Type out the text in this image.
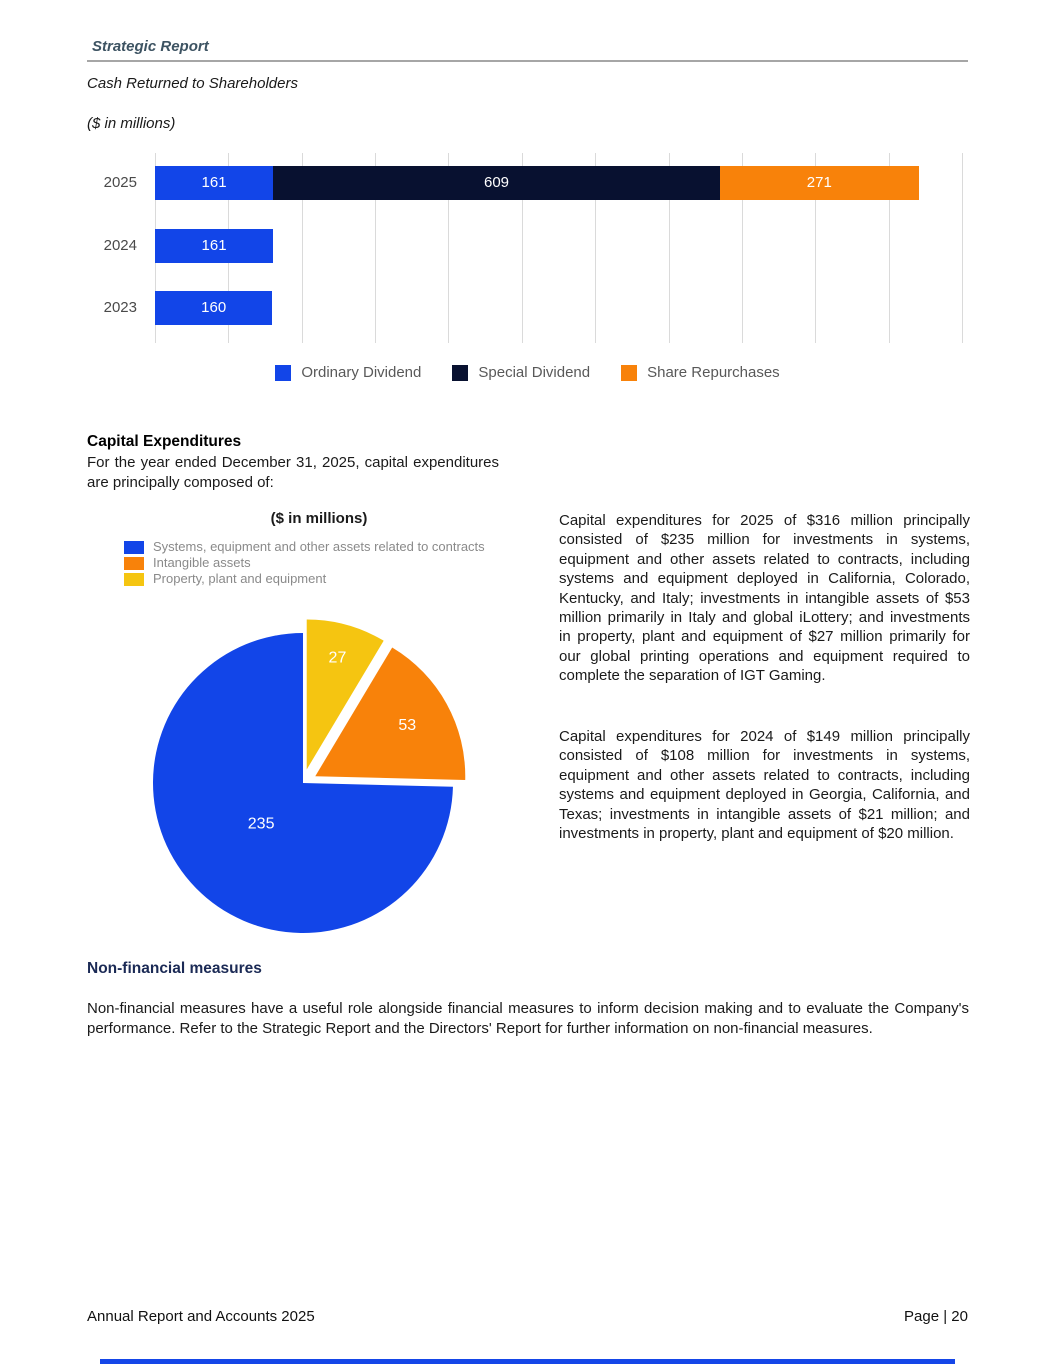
Strategic Report
Cash Returned to Shareholders
($ in millions)
2025	161	609	271
2024	161
2023	160
Ordinary Dividend	Special Dividend	Share Repurchases
Capital Expenditures
For the year ended December 31, 2025, capital expenditures are principally composed of:
($ in millions)
Systems, equipment and other assets related to contracts
Intangible assets
Property, plant and equipment
27
53
235
Capital expenditures for 2025 of $316 million principally consisted of $235 million for investments in systems, equipment and other assets related to contracts, including systems and equipment deployed in California, Colorado, Kentucky, and Italy; investments in intangible assets of $53 million primarily in Italy and global iLottery; and investments in property, plant and equipment of $27 million primarily for our global printing operations and equipment required to complete the separation of IGT Gaming.
Capital expenditures for 2024 of $149 million principally consisted of $108 million for investments in systems, equipment and other assets related to contracts, including systems and equipment deployed in Georgia, California, and Texas; investments in intangible assets of $21 million; and investments in property, plant and equipment of $20 million.
Non-financial measures
Non-financial measures have a useful role alongside financial measures to inform decision making and to evaluate the Company's performance. Refer to the Strategic Report and the Directors' Report for further information on non-financial measures.
Annual Report and Accounts 2025	Page | 20
